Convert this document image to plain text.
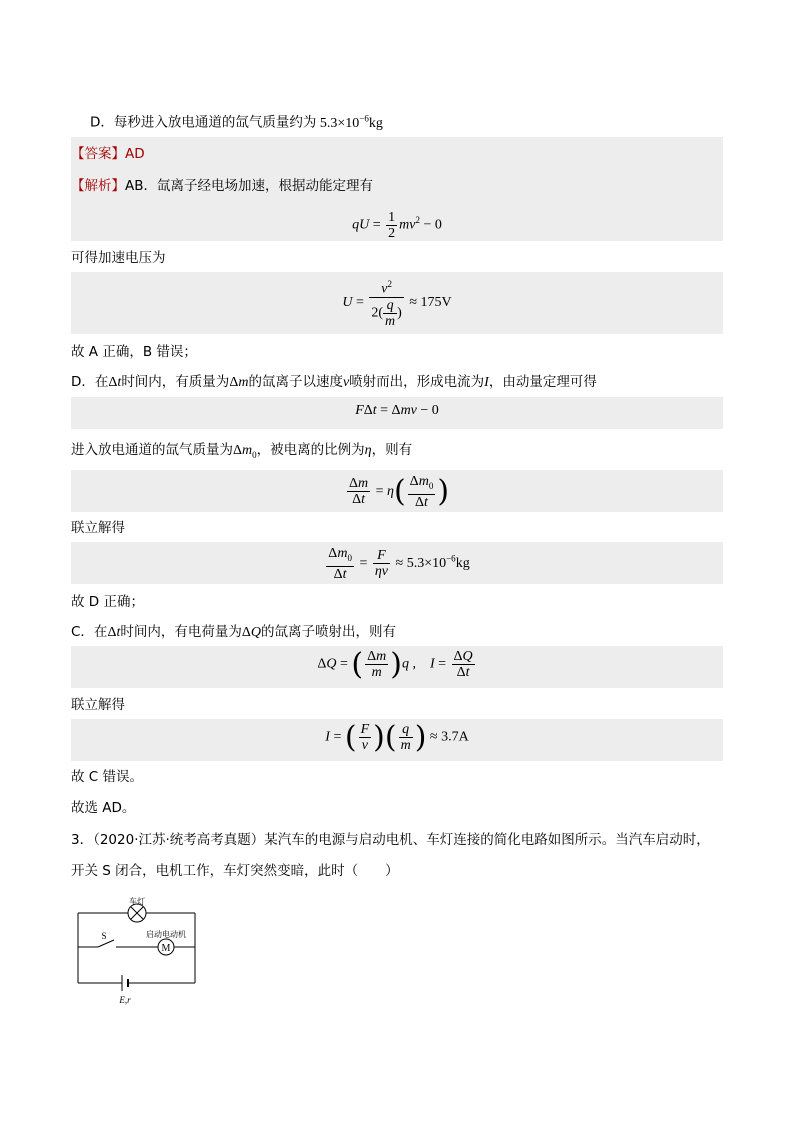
D．每秒进入放电通道的氙气质量约为 $5.3\times 10^{-6}kg$
【答案】AD
【解析】AB．氙离子经电场加速，根据动能定理有
qU = $\frac{1}{2} mv^2 - 0$
可得加速电压为
$U = \frac{v^2}{2( \frac{q}{m} )} \approx 175V$
故 A 正确，B 错误；
D．在Δt时间内，有质量为Δm的氙离子以速度v喷射而出，形成电流为I，由动量定理可得
FΔt = Δmv − 0
进入放电通道的氙气质量为$\Delta m_0$，被电离的比例为η，则有
$\frac{\Delta m}{\Delta t} = \eta( \frac{\Delta m_0}{\Delta t}$ )
联立解得
$\frac{\Delta m_0}{\Delta t} = \frac{F}{\eta v} \approx 5.3\times 10^{-6}kg$
故 D 正确；
C．在Δt时间内，有电荷量为ΔQ的氙离子喷射出，则有
ΔQ = ( $\frac{\Delta m}{m} )q$ ,    $I = \frac{\Delta Q}{\Delta t}$
联立解得
I = ( $\frac{F}{v}$ )( $\frac{q}{m}$ ) ≈ 3.7A
故 C 错误。
故选 AD。
3．（2020·江苏·统考高考真题）某汽车的电源与启动电机、车灯连接的简化电路如图所示。当汽车启动时，
开关 S 闭合，电机工作，车灯突然变暗，此时（　　）
M
车灯
S	启动电动机
E,r
